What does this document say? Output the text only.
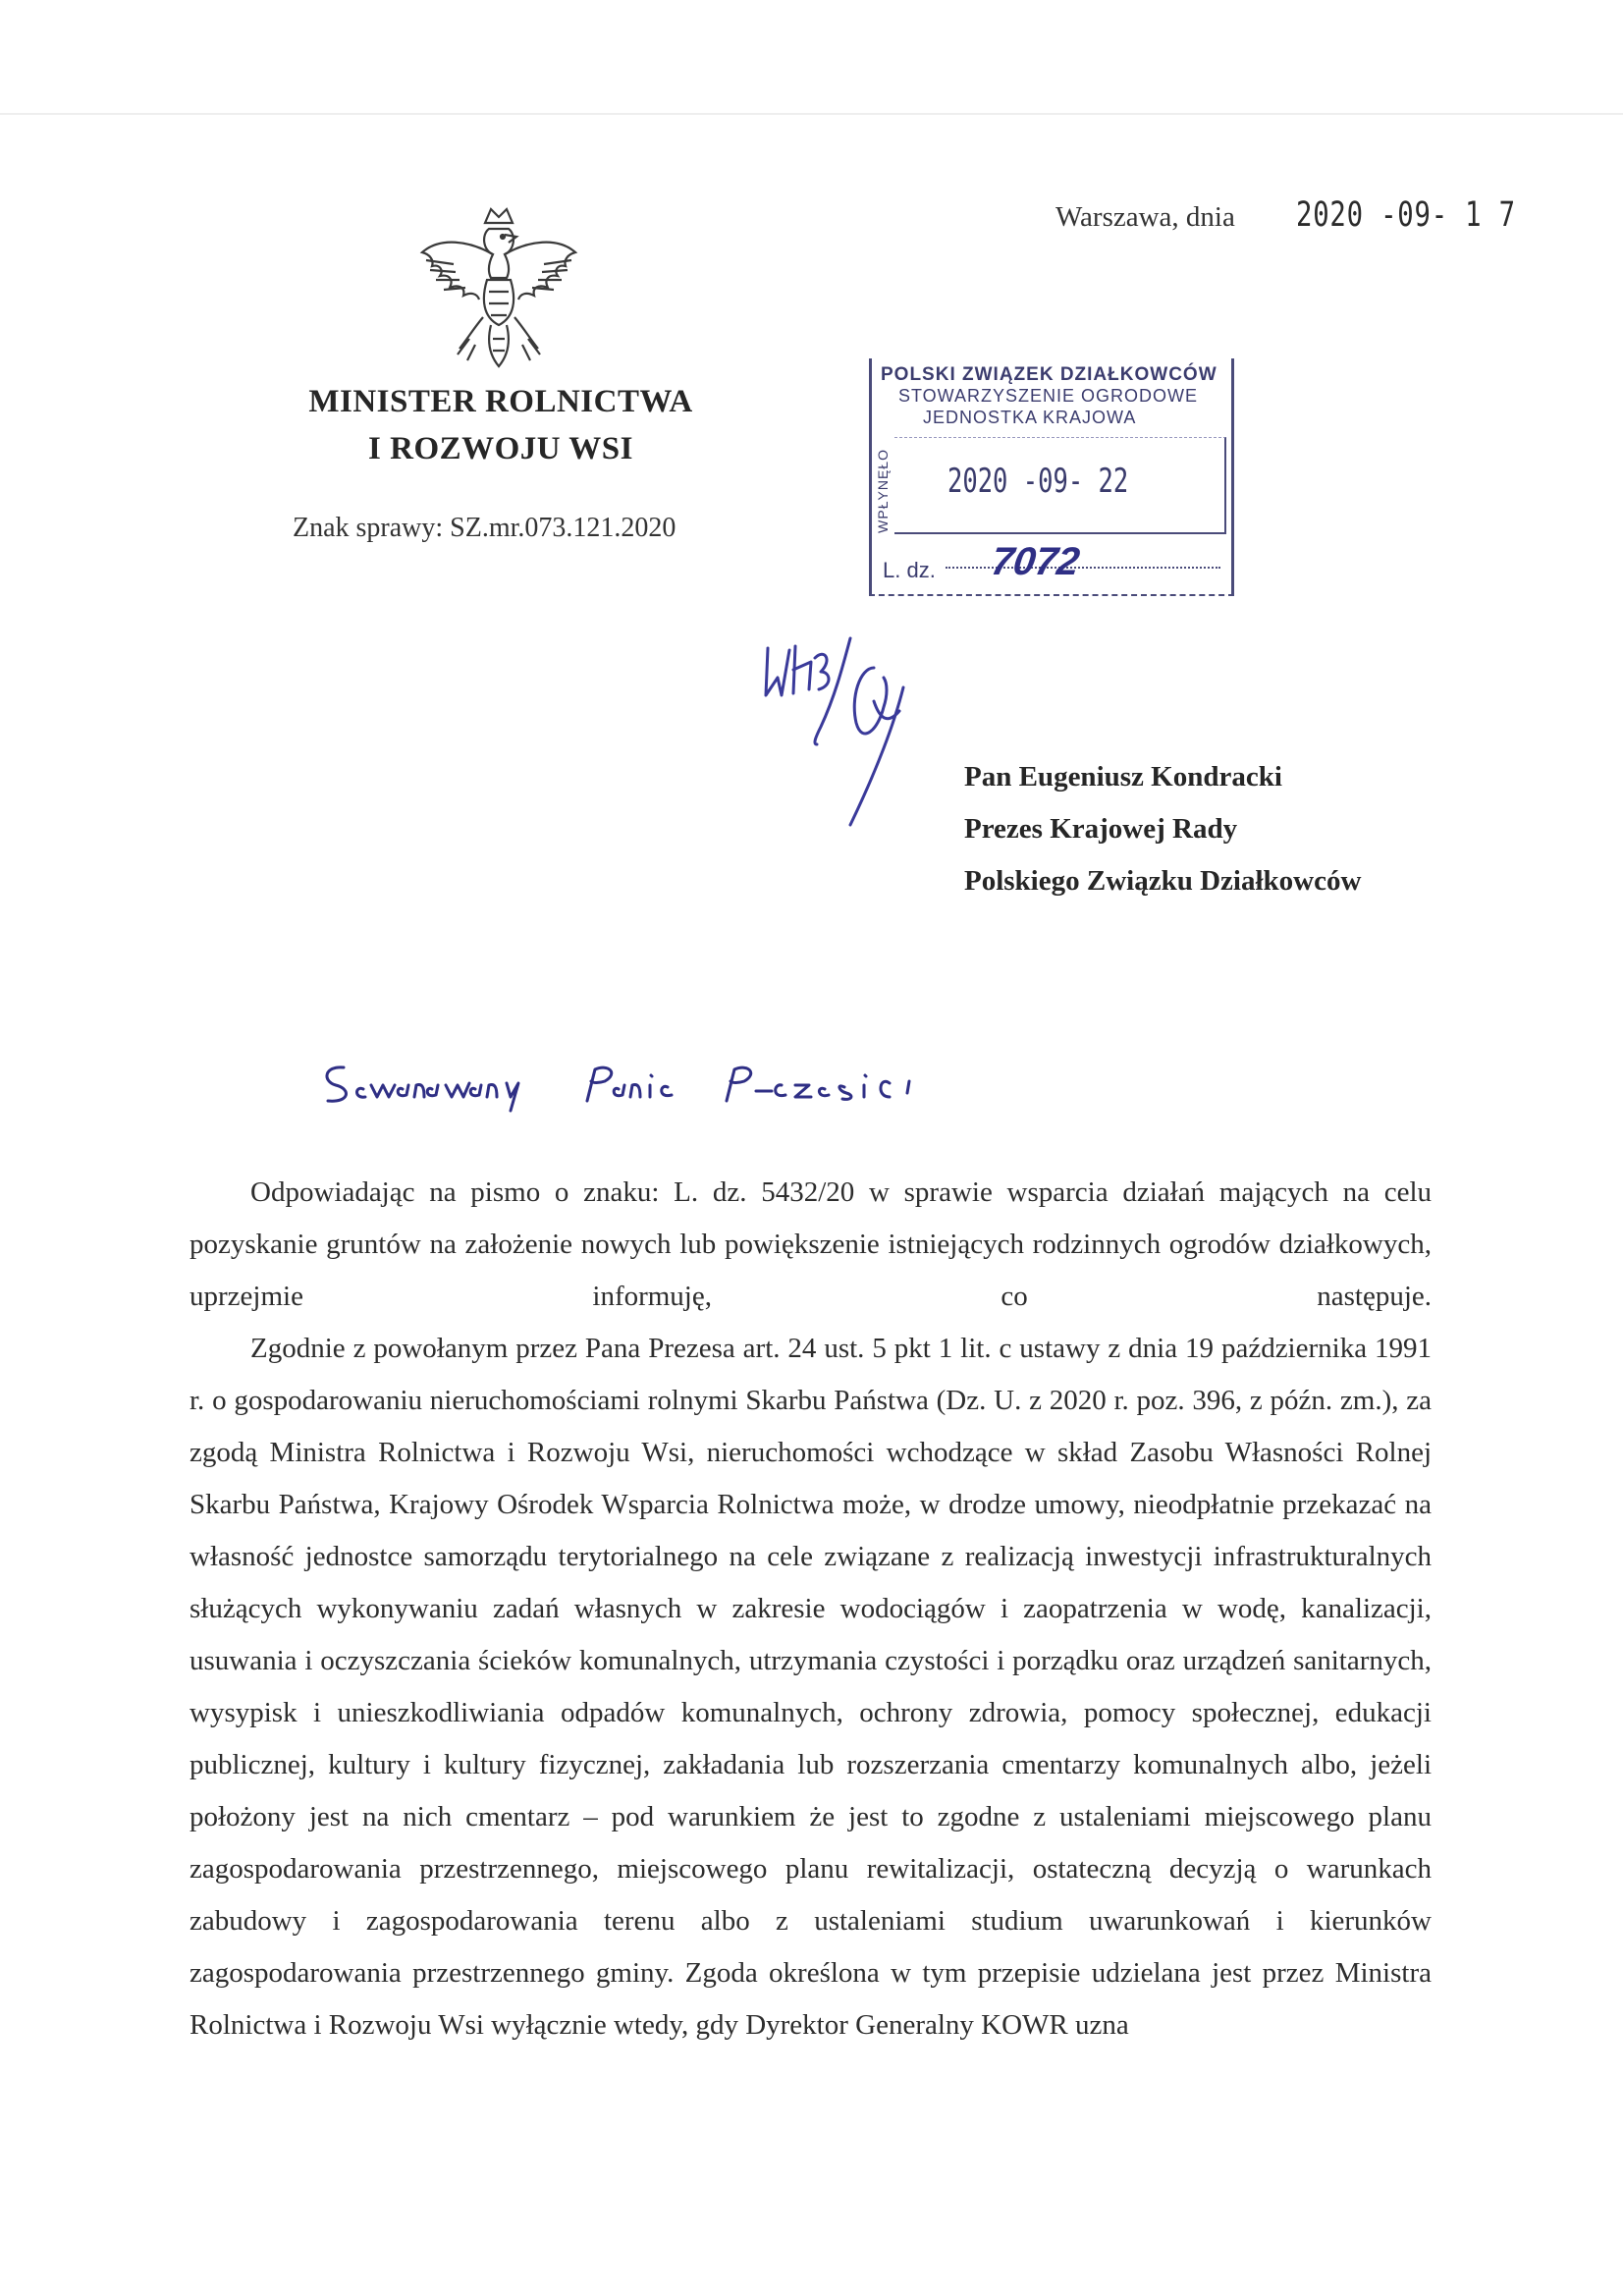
MINISTER ROLNICTWA
I ROZWOJU WSI
Znak sprawy: SZ.mr.073.121.2020
Warszawa, dnia 2020 -09- 1 7
POLSKI ZWIĄZEK DZIAŁKOWCÓW
STOWARZYSZENIE OGRODOWE
JEDNOSTKA KRAJOWA
WPŁYNĘŁO 2020 -09- 22
L. dz. 7072
Pan Eugeniusz Kondracki
Prezes Krajowej Rady
Polskiego Związku Działkowców

Odpowiadając na pismo o znaku: L. dz. 5432/20 w sprawie wsparcia działań mających na celu pozyskanie gruntów na założenie nowych lub powiększenie istniejących rodzinnych ogrodów działkowych, uprzejmie informuję, co następuje.

Zgodnie z powołanym przez Pana Prezesa art. 24 ust. 5 pkt 1 lit. c ustawy z dnia 19 października 1991 r. o gospodarowaniu nieruchomościami rolnymi Skarbu Państwa (Dz. U. z 2020 r. poz. 396, z późn. zm.), za zgodą Ministra Rolnictwa i Rozwoju Wsi, nieruchomości wchodzące w skład Zasobu Własności Rolnej Skarbu Państwa, Krajowy Ośrodek Wsparcia Rolnictwa może, w drodze umowy, nieodpłatnie przekazać na własność jednostce samorządu terytorialnego na cele związane z realizacją inwestycji infrastrukturalnych służących wykonywaniu zadań własnych w zakresie wodociągów i zaopatrzenia w wodę, kanalizacji, usuwania i oczyszczania ścieków komunalnych, utrzymania czystości i porządku oraz urządzeń sanitarnych, wysypisk i unieszkodliwiania odpadów komunalnych, ochrony zdrowia, pomocy społecznej, edukacji publicznej, kultury i kultury fizycznej, zakładania lub rozszerzania cmentarzy komunalnych albo, jeżeli położony jest na nich cmentarz – pod warunkiem że jest to zgodne z ustaleniami miejscowego planu zagospodarowania przestrzennego, miejscowego planu rewitalizacji, ostateczną decyzją o warunkach zabudowy i zagospodarowania terenu albo z ustaleniami studium uwarunkowań i kierunków zagospodarowania przestrzennego gminy. Zgoda określona w tym przepisie udzielana jest przez Ministra Rolnictwa i Rozwoju Wsi wyłącznie wtedy, gdy Dyrektor Generalny KOWR uzna
